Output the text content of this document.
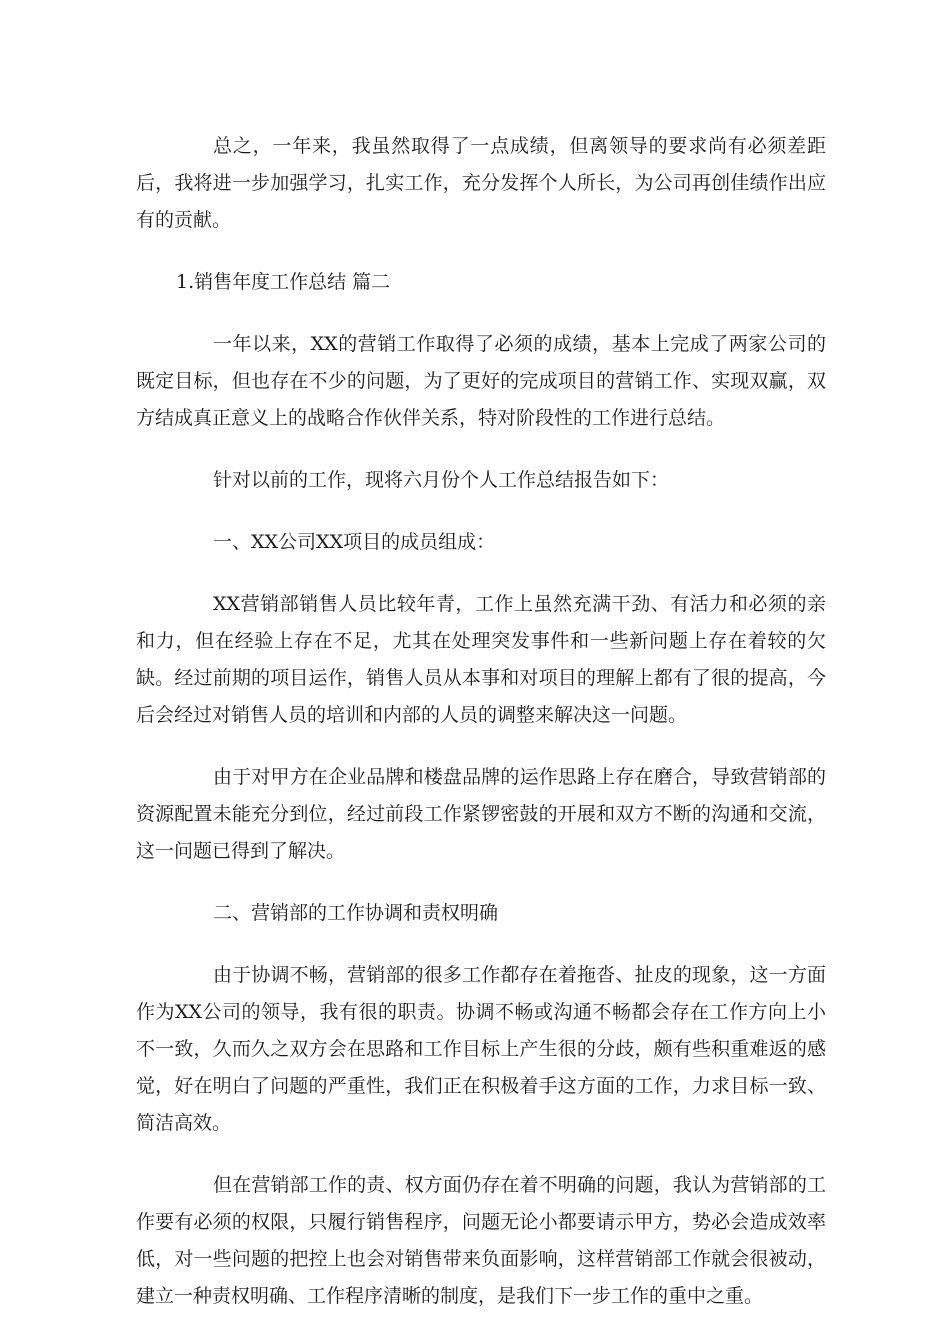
总之，一年来，我虽然取得了一点成绩，但离领导的要求尚有必须差距后，我将进一步加强学习，扎实工作，充分发挥个人所长，为公司再创佳绩作出应有的贡献。

1.销售年度工作总结 篇二

一年以来，XX的营销工作取得了必须的成绩，基本上完成了两家公司的既定目标，但也存在不少的问题，为了更好的完成项目的营销工作、实现双赢，双方结成真正意义上的战略合作伙伴关系，特对阶段性的工作进行总结。

针对以前的工作，现将六月份个人工作总结报告如下：

一、XX公司XX项目的成员组成：

XX营销部销售人员比较年青，工作上虽然充满干劲、有活力和必须的亲和力，但在经验上存在不足，尤其在处理突发事件和一些新问题上存在着较的欠缺。经过前期的项目运作，销售人员从本事和对项目的理解上都有了很的提高，今后会经过对销售人员的培训和内部的人员的调整来解决这一问题。

由于对甲方在企业品牌和楼盘品牌的运作思路上存在磨合，导致营销部的资源配置未能充分到位，经过前段工作紧锣密鼓的开展和双方不断的沟通和交流，这一问题已得到了解决。

二、营销部的工作协调和责权明确

由于协调不畅，营销部的很多工作都存在着拖沓、扯皮的现象，这一方面作为XX公司的领导，我有很的职责。协调不畅或沟通不畅都会存在工作方向上小不一致，久而久之双方会在思路和工作目标上产生很的分歧，颇有些积重难返的感觉，好在明白了问题的严重性，我们正在积极着手这方面的工作，力求目标一致、简洁高效。

但在营销部工作的责、权方面仍存在着不明确的问题，我认为营销部的工作要有必须的权限，只履行销售程序，问题无论小都要请示甲方，势必会造成效率低，对一些问题的把控上也会对销售带来负面影响，这样营销部工作就会很被动，建立一种责权明确、工作程序清晰的制度，是我们下一步工作的重中之重。
